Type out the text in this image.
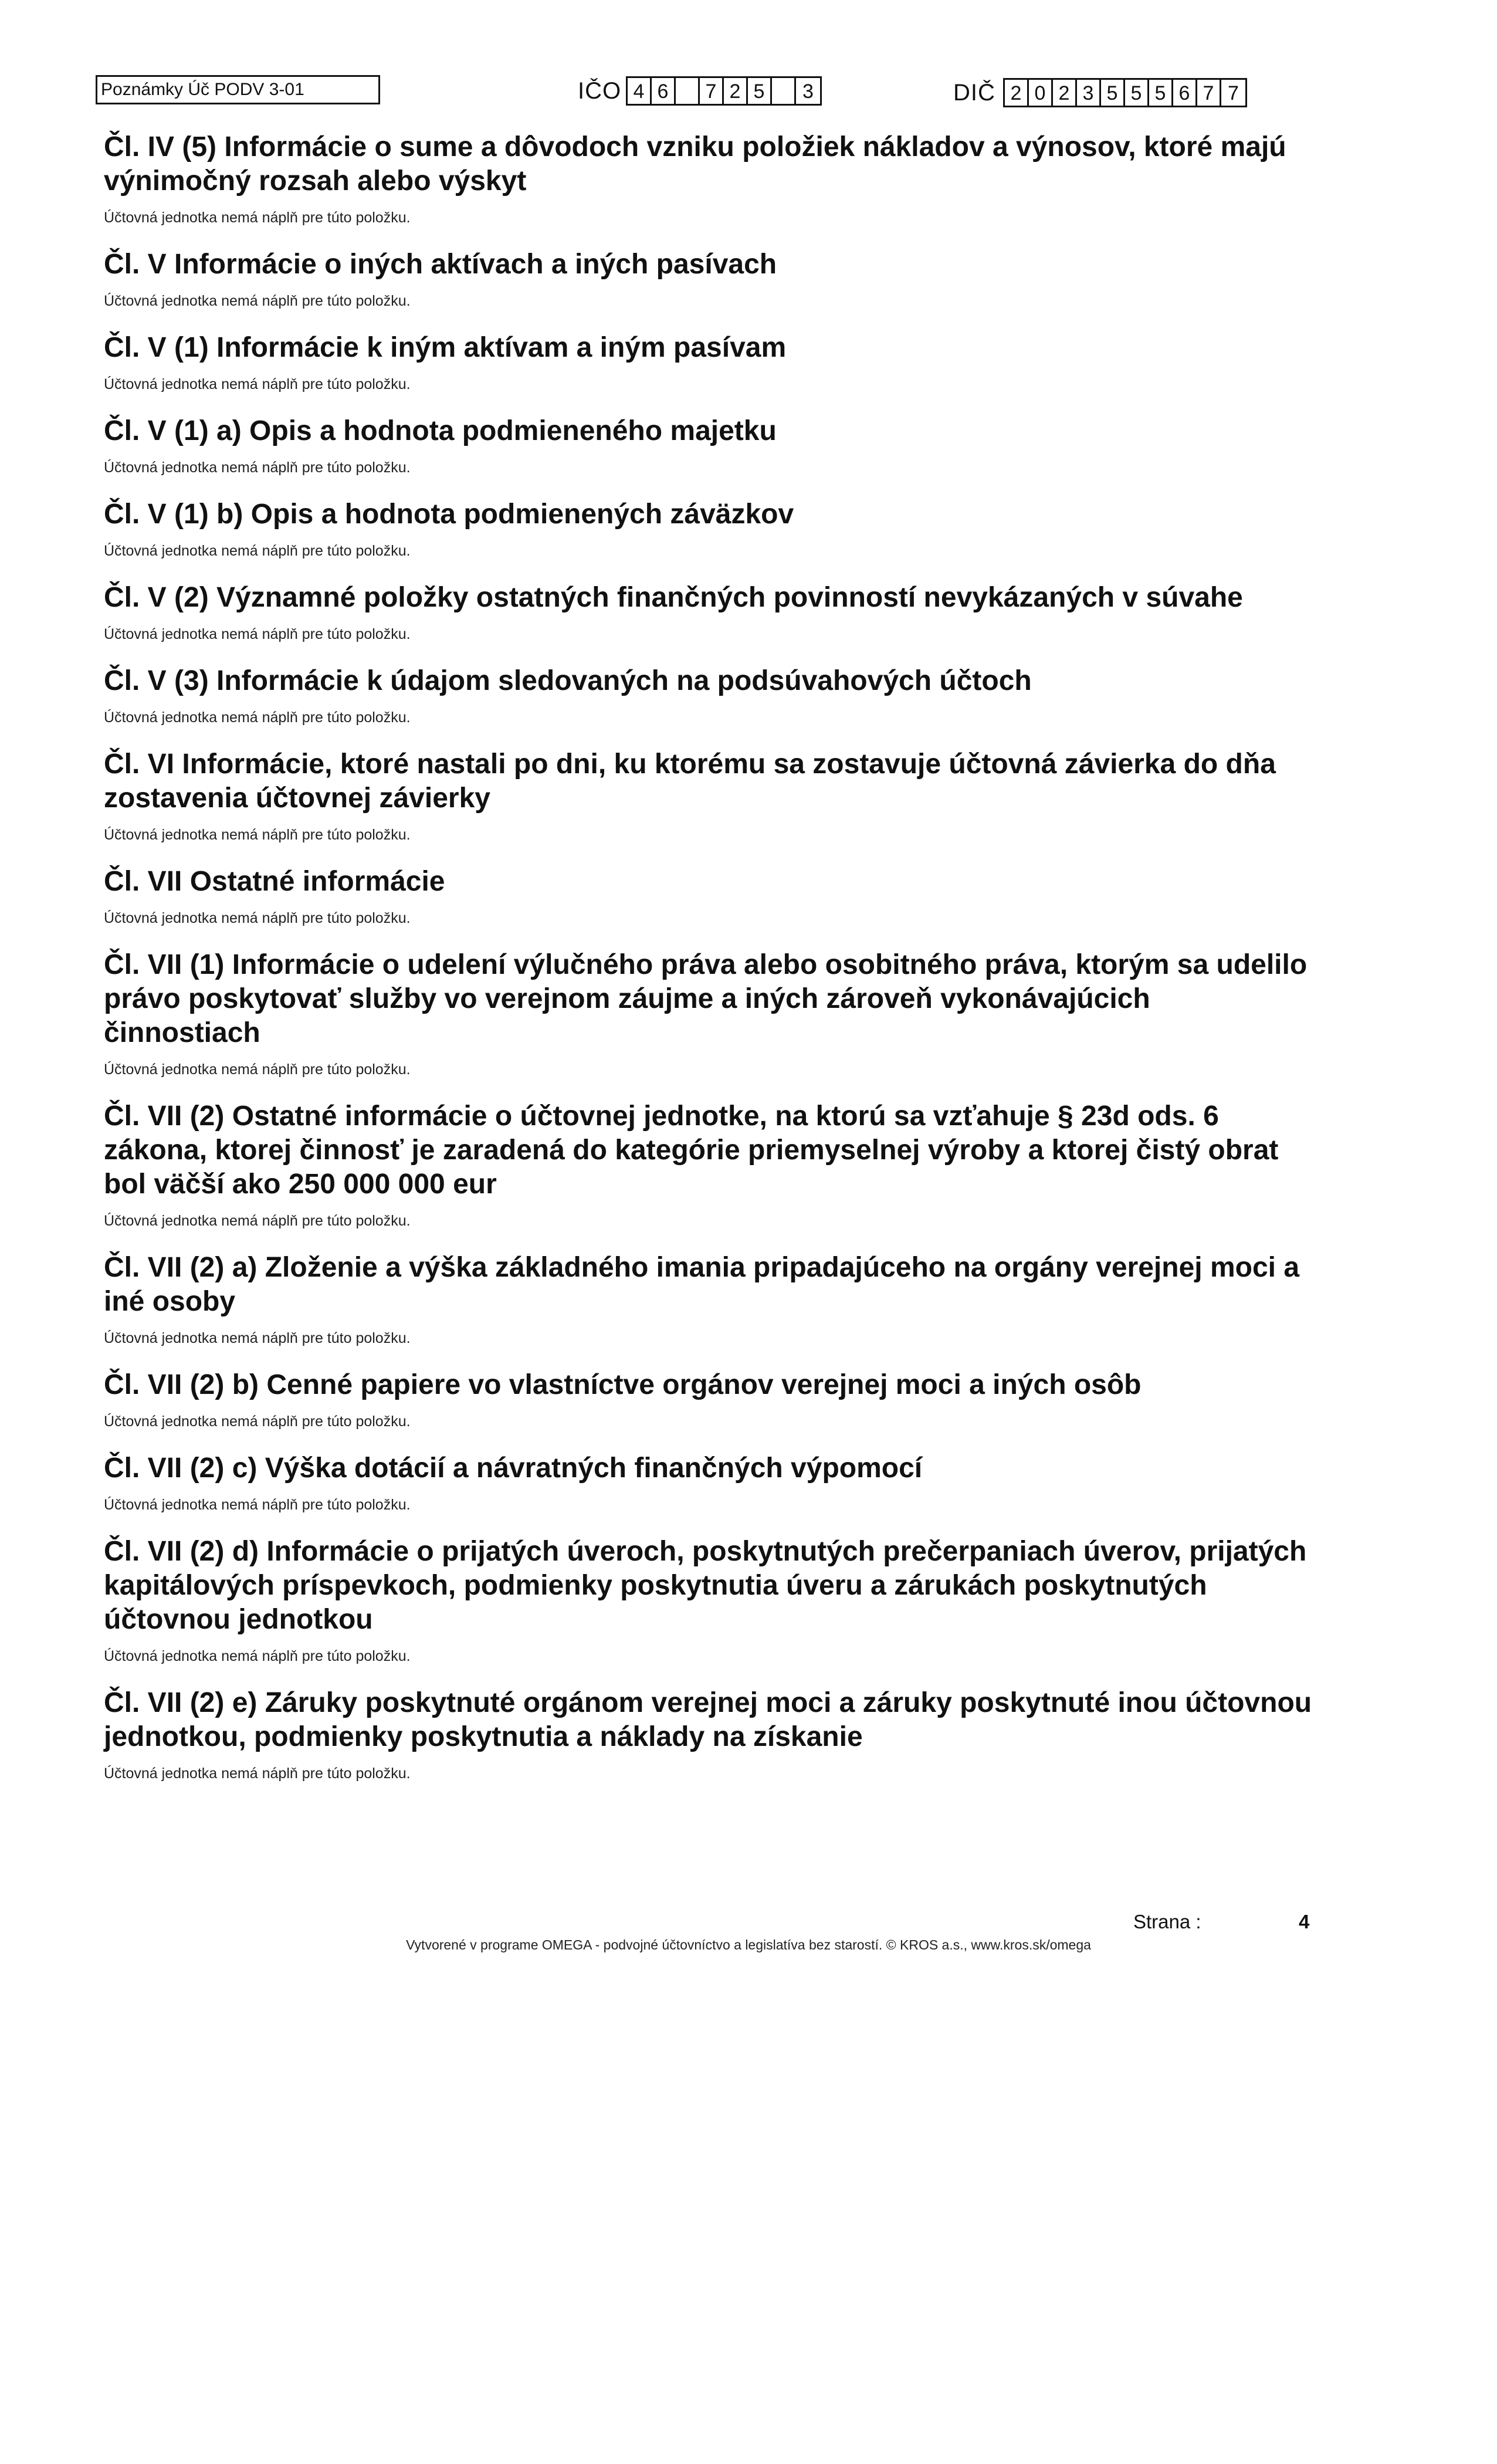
Poznámky Úč PODV 3-01	IČO 4 6	7 2 5	3	DIČ 2 0 2 3 5 5 5 6 7 7
Čl. IV (5) Informácie o sume a dôvodoch vzniku položiek nákladov a výnosov, ktoré majú výnimočný rozsah alebo výskyt
Účtovná jednotka nemá náplň pre túto položku.
Čl. V Informácie o iných aktívach a iných pasívach
Účtovná jednotka nemá náplň pre túto položku.
Čl. V (1) Informácie k iným aktívam a iným pasívam
Účtovná jednotka nemá náplň pre túto položku.
Čl. V (1) a) Opis a hodnota podmieneného majetku
Účtovná jednotka nemá náplň pre túto položku.
Čl. V (1) b) Opis a hodnota podmienených záväzkov
Účtovná jednotka nemá náplň pre túto položku.
Čl. V (2) Významné položky ostatných finančných povinností nevykázaných v súvahe
Účtovná jednotka nemá náplň pre túto položku.
Čl. V (3) Informácie k údajom sledovaných na podsúvahových účtoch
Účtovná jednotka nemá náplň pre túto položku.
Čl. VI Informácie, ktoré nastali po dni, ku ktorému sa zostavuje účtovná závierka do dňa zostavenia účtovnej závierky
Účtovná jednotka nemá náplň pre túto položku.
Čl. VII Ostatné informácie
Účtovná jednotka nemá náplň pre túto položku.
Čl. VII (1) Informácie o udelení výlučného práva alebo osobitného práva, ktorým sa udelilo právo poskytovať služby vo verejnom záujme a iných zároveň vykonávajúcich činnostiach
Účtovná jednotka nemá náplň pre túto položku.
Čl. VII (2) Ostatné informácie o účtovnej jednotke, na ktorú sa vzťahuje § 23d ods. 6 zákona, ktorej činnosť je zaradená do kategórie priemyselnej výroby a ktorej čistý obrat bol väčší ako 250 000 000 eur
Účtovná jednotka nemá náplň pre túto položku.
Čl. VII (2) a) Zloženie a výška základného imania pripadajúceho na orgány verejnej moci a iné osoby
Účtovná jednotka nemá náplň pre túto položku.
Čl. VII (2) b) Cenné papiere vo vlastníctve orgánov verejnej moci a iných osôb
Účtovná jednotka nemá náplň pre túto položku.
Čl. VII (2) c) Výška dotácií a návratných finančných výpomocí
Účtovná jednotka nemá náplň pre túto položku.
Čl. VII (2) d) Informácie o prijatých úveroch, poskytnutých prečerpaniach úverov, prijatých kapitálových príspevkoch, podmienky poskytnutia úveru a zárukách poskytnutých účtovnou jednotkou
Účtovná jednotka nemá náplň pre túto položku.
Čl. VII (2) e) Záruky poskytnuté orgánom verejnej moci a záruky poskytnuté inou účtovnou jednotkou, podmienky poskytnutia a náklady na získanie
Účtovná jednotka nemá náplň pre túto položku.
Strana :	4
Vytvorené v programe OMEGA - podvojné účtovníctvo a legislatíva bez starostí. © KROS a.s., www.kros.sk/omega
